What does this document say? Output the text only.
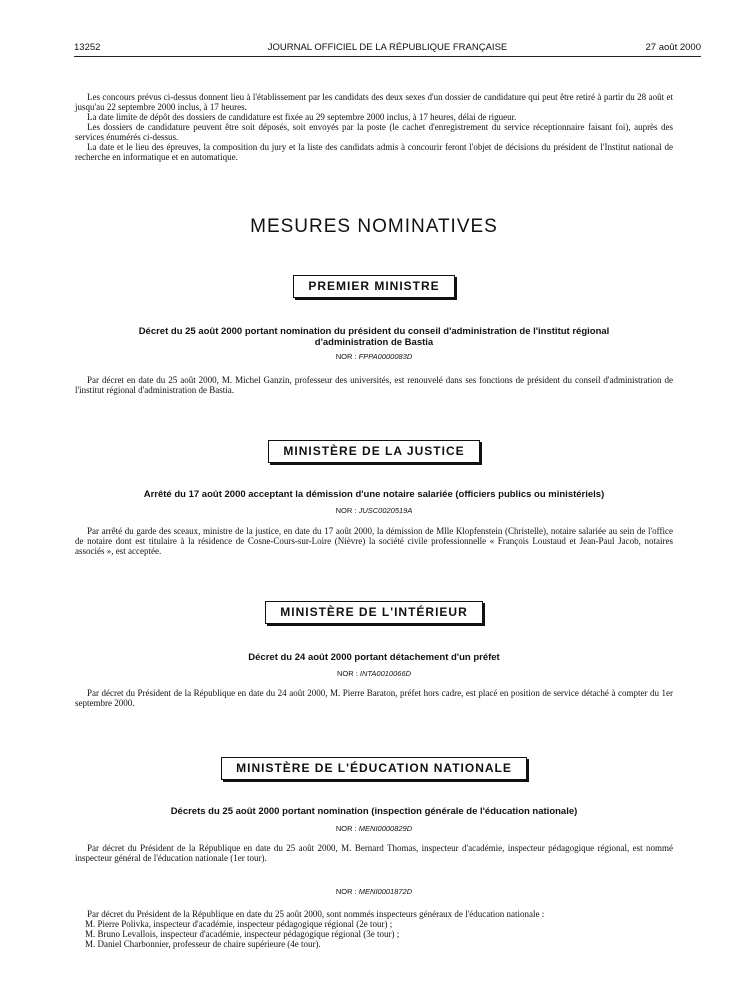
13252	JOURNAL OFFICIEL DE LA RÉPUBLIQUE FRANÇAISE	27 août 2000

Les concours prévus ci-dessus donnent lieu à l'établissement par les candidats des deux sexes d'un dossier de candidature qui peut être retiré à partir du 28 août et jusqu'au 22 septembre 2000 inclus, à 17 heures.

La date limite de dépôt des dossiers de candidature est fixée au 29 septembre 2000 inclus, à 17 heures, délai de rigueur.

Les dossiers de candidature peuvent être soit déposés, soit envoyés par la poste (le cachet d'enregistrement du service réceptionnaire faisant foi), auprès des services énumérés ci-dessus.

La date et le lieu des épreuves, la composition du jury et la liste des candidats admis à concourir feront l'objet de décisions du président de l'Institut national de recherche en informatique et en automatique.

MESURES NOMINATIVES
PREMIER MINISTRE
Décret du 25 août 2000 portant nomination du président du conseil d'administration de l'institut régional d'administration de Bastia
NOR : FPPA0000083D

Par décret en date du 25 août 2000, M. Michel Ganzin, professeur des universités, est renouvelé dans ses fonctions de président du conseil d'administration de l'institut régional d'administration de Bastia.

MINISTÈRE DE LA JUSTICE
Arrêté du 17 août 2000 acceptant la démission d'une notaire salariée (officiers publics ou ministériels)
NOR : JUSC0020519A

Par arrêté du garde des sceaux, ministre de la justice, en date du 17 août 2000, la démission de Mlle Klopfenstein (Christelle), notaire salariée au sein de l'office de notaire dont est titulaire à la résidence de Cosne-Cours-sur-Loire (Nièvre) la société civile professionnelle « François Loustaud et Jean-Paul Jacob, notaires associés », est acceptée.

MINISTÈRE DE L'INTÉRIEUR
Décret du 24 août 2000 portant détachement d'un préfet
NOR : INTA0010066D

Par décret du Président de la République en date du 24 août 2000, M. Pierre Baraton, préfet hors cadre, est placé en position de service détaché à compter du 1er septembre 2000.

MINISTÈRE DE L'ÉDUCATION NATIONALE
Décrets du 25 août 2000 portant nomination (inspection générale de l'éducation nationale)
NOR : MENI0000829D

Par décret du Président de la République en date du 25 août 2000, M. Bernard Thomas, inspecteur d'académie, inspecteur pédagogique régional, est nommé inspecteur général de l'éducation nationale (1er tour).

NOR : MENI0001872D

Par décret du Président de la République en date du 25 août 2000, sont nommés inspecteurs généraux de l'éducation nationale :

M. Pierre Polivka, inspecteur d'académie, inspecteur pédagogique régional (2e tour) ;
M. Bruno Levallois, inspecteur d'académie, inspecteur pédagogique régional (3e tour) ;
M. Daniel Charbonnier, professeur de chaire supérieure (4e tour).
